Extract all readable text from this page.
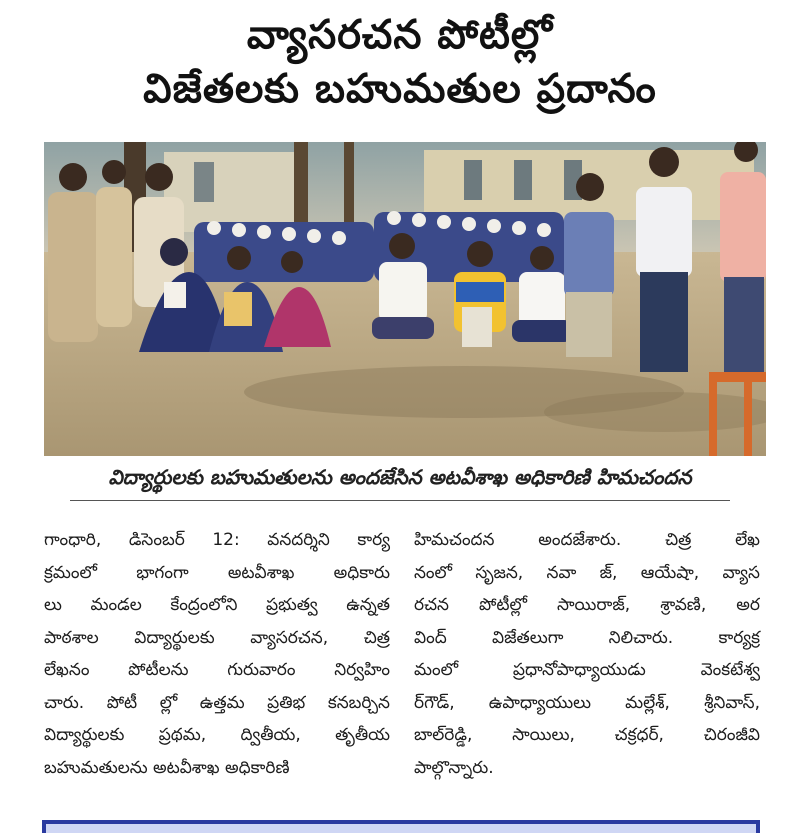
వ్యాసరచన పోటీల్లో
విజేతలకు బహుమతుల ప్రదానం
విద్యార్థులకు బహుమతులను అందజేసిన అటవీశాఖ అధికారిణి హిమచందన
గాంధారి, డిసెంబర్ 12: వనదర్శిని కార్య
క్రమంలో భాగంగా అటవీశాఖ అధికారు
లు మండల కేంద్రంలోని ప్రభుత్వ ఉన్నత
పాఠశాల విద్యార్థులకు వ్యాసరచన, చిత్ర
లేఖనం పోటీలను గురువారం నిర్వహిం
చారు. పోటీ ల్లో ఉత్తమ ప్రతిభ కనబర్చిన
విద్యార్థులకు ప్రథమ, ద్వితీయ, తృతీయ
బహుమతులను అటవీశాఖ అధికారిణి
హిమచందన అందజేశారు. చిత్ర లేఖ
నంలో సృజన, నవా జ్, ఆయేషా, వ్యాస
రచన పోటీల్లో సాయిరాజ్, శ్రావణి, అర
వింద్ విజేతలుగా నిలిచారు. కార్యక్ర
మంలో ప్రధానోపాధ్యాయుడు వెంకటేశ్వ
ర్‌గౌడ్, ఉపాధ్యాయులు మల్లేశ్, శ్రీనివాస్,
బాల్‌రెడ్డి, సాయిలు, చక్రధర్, చిరంజీవి
పాల్గొన్నారు.
